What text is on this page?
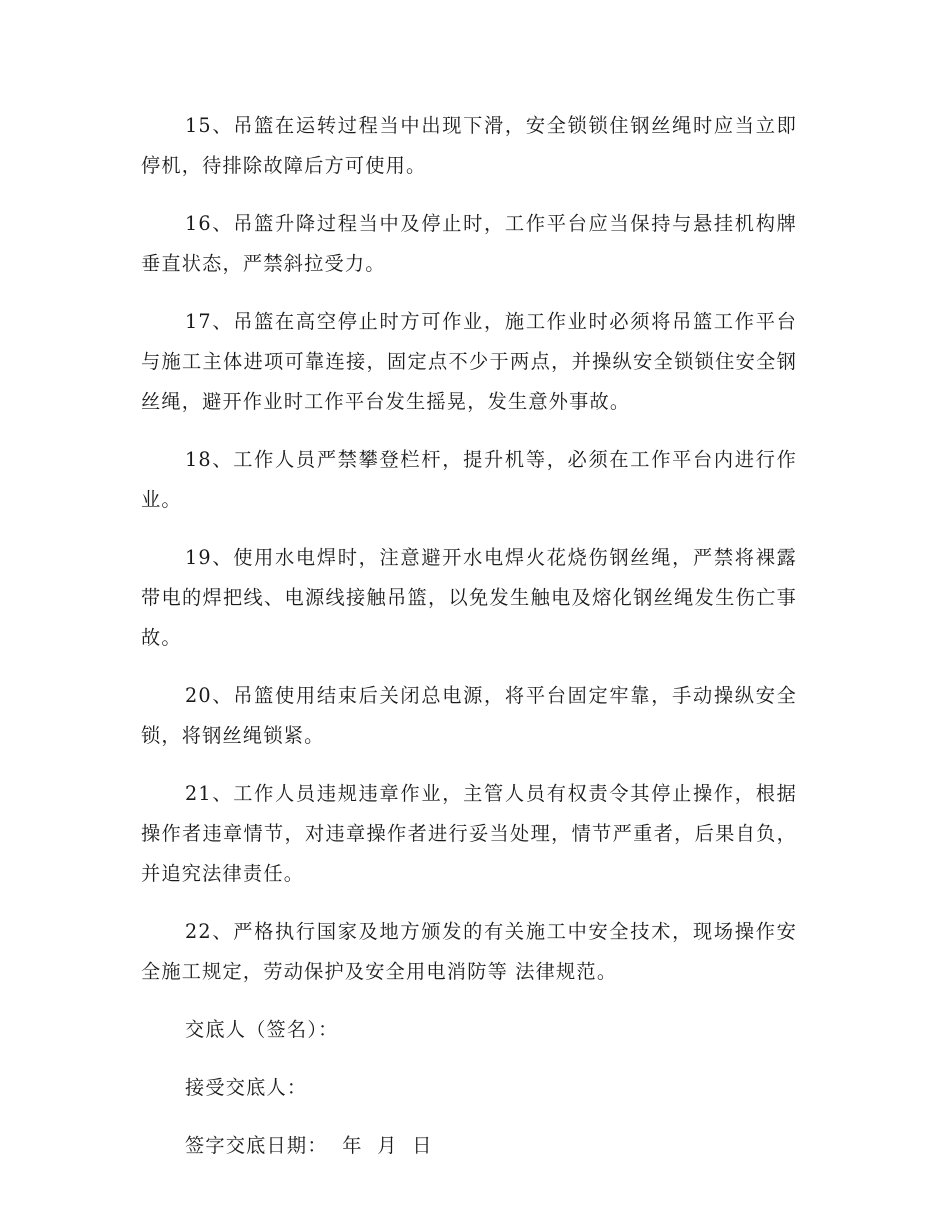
15、吊篮在运转过程当中出现下滑，安全锁锁住钢丝绳时应当立即停机，待排除故障后方可使用。

16、吊篮升降过程当中及停止时，工作平台应当保持与悬挂机构牌垂直状态，严禁斜拉受力。

17、吊篮在高空停止时方可作业，施工作业时必须将吊篮工作平台与施工主体进项可靠连接，固定点不少于两点，并操纵安全锁锁住安全钢丝绳，避开作业时工作平台发生摇晃，发生意外事故。

18、工作人员严禁攀登栏杆，提升机等，必须在工作平台内进行作业。

19、使用水电焊时，注意避开水电焊火花烧伤钢丝绳，严禁将裸露带电的焊把线、电源线接触吊篮，以免发生触电及熔化钢丝绳发生伤亡事故。

20、吊篮使用结束后关闭总电源，将平台固定牢靠，手动操纵安全锁，将钢丝绳锁紧。

21、工作人员违规违章作业，主管人员有权责令其停止操作，根据操作者违章情节，对违章操作者进行妥当处理，情节严重者，后果自负，并追究法律责任。

22、严格执行国家及地方颁发的有关施工中安全技术，现场操作安全施工规定，劳动保护及安全用电消防等 法律规范。

交底人（签名）：
接受交底人：
签字交底日期：  年  月  日
